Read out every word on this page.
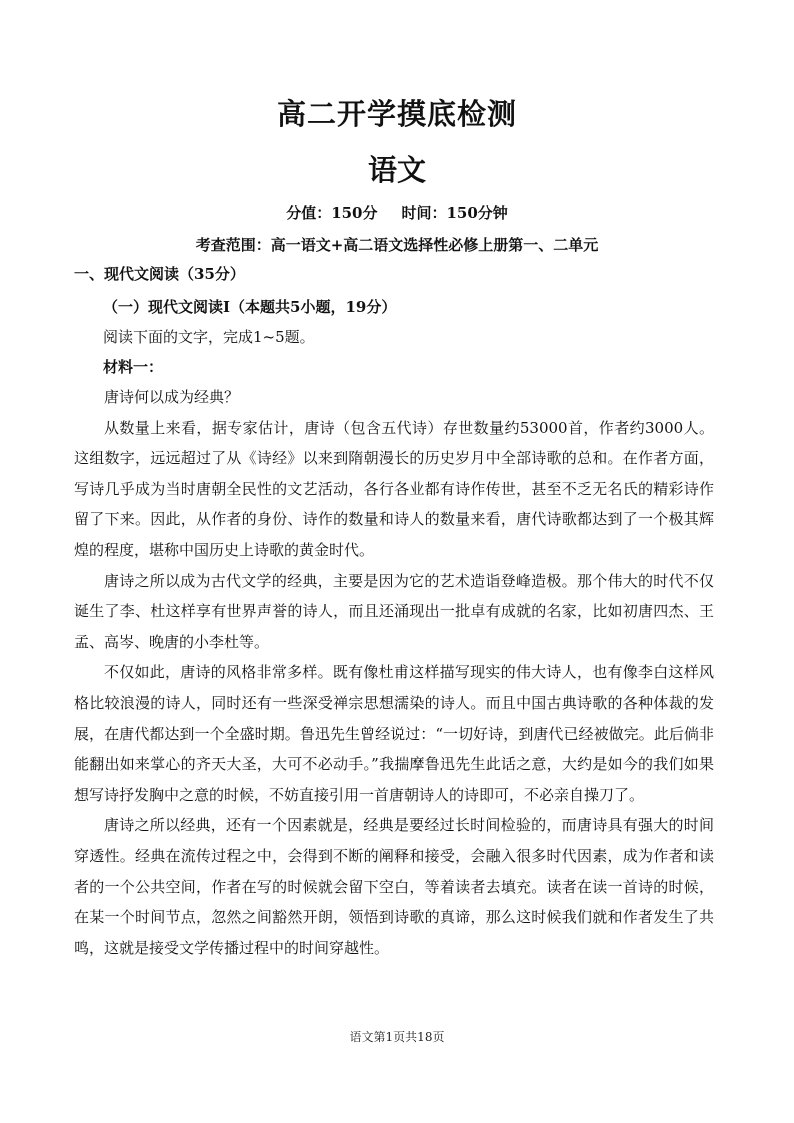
高二开学摸底检测
语文
分值：150分 时间：150分钟
考查范围：高一语文+高二语文选择性必修上册第一、二单元
一、现代文阅读（35分）
（一）现代文阅读Ⅰ（本题共5小题，19分）
阅读下面的文字，完成1~5题。
材料一：

唐诗何以成为经典？

从数量上来看，据专家估计，唐诗（包含五代诗）存世数量约53000首，作者约3000人。这组数字，远远超过了从《诗经》以来到隋朝漫长的历史岁月中全部诗歌的总和。在作者方面，写诗几乎成为当时唐朝全民性的文艺活动，各行各业都有诗作传世，甚至不乏无名氏的精彩诗作留了下来。因此，从作者的身份、诗作的数量和诗人的数量来看，唐代诗歌都达到了一个极其辉煌的程度，堪称中国历史上诗歌的黄金时代。

唐诗之所以成为古代文学的经典，主要是因为它的艺术造诣登峰造极。那个伟大的时代不仅诞生了李、杜这样享有世界声誉的诗人，而且还涌现出一批卓有成就的名家，比如初唐四杰、王孟、高岑、晚唐的小李杜等。

不仅如此，唐诗的风格非常多样。既有像杜甫这样描写现实的伟大诗人，也有像李白这样风格比较浪漫的诗人，同时还有一些深受禅宗思想濡染的诗人。而且中国古典诗歌的各种体裁的发展，在唐代都达到一个全盛时期。鲁迅先生曾经说过：“一切好诗，到唐代已经被做完。此后倘非能翻出如来掌心的齐天大圣，大可不必动手。”我揣摩鲁迅先生此话之意，大约是如今的我们如果想写诗抒发胸中之意的时候，不妨直接引用一首唐朝诗人的诗即可，不必亲自操刀了。

唐诗之所以经典，还有一个因素就是，经典是要经过长时间检验的，而唐诗具有强大的时间穿透性。经典在流传过程之中，会得到不断的阐释和接受，会融入很多时代因素，成为作者和读者的一个公共空间，作者在写的时候就会留下空白，等着读者去填充。读者在读一首诗的时候，在某一个时间节点，忽然之间豁然开朗，领悟到诗歌的真谛，那么这时候我们就和作者发生了共鸣，这就是接受文学传播过程中的时间穿越性。

语文第1页共18页
